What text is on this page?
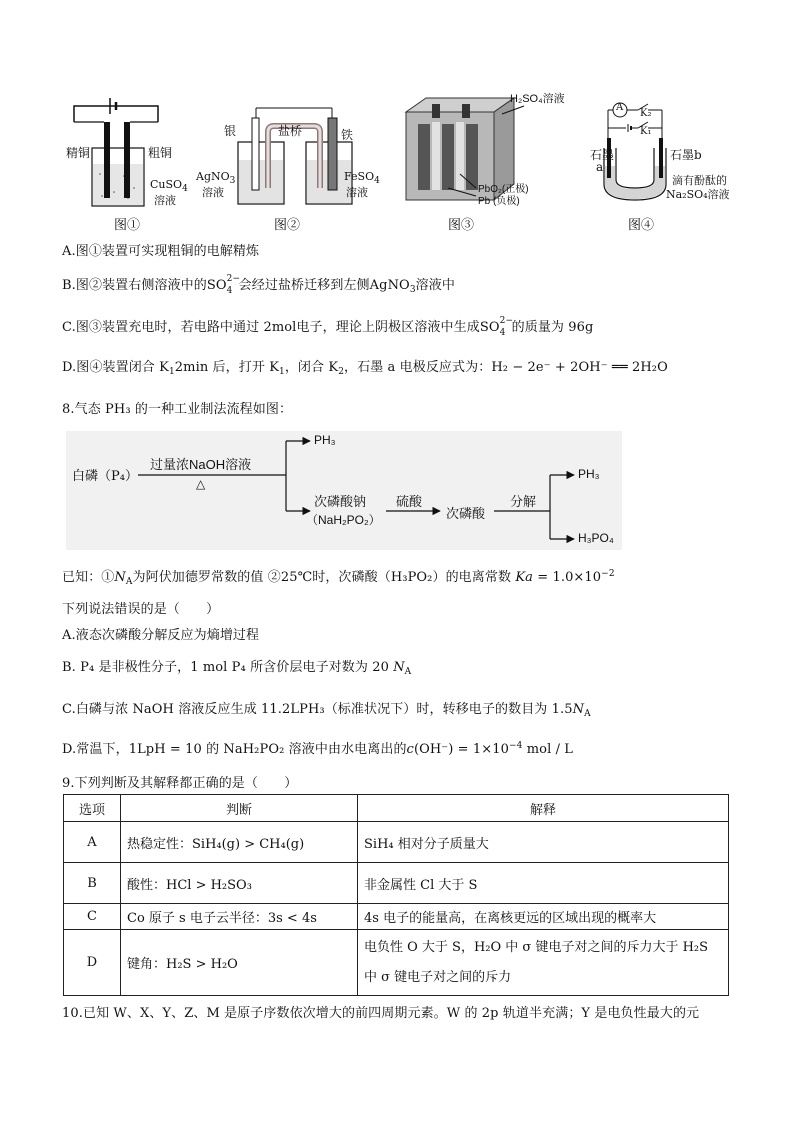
精铜	粗铜
CuSO$_4$
溶液
图①
银	盐桥	铁
AgNO$_3$
溶液
FeSO$_4$
溶液
图②
H₂SO₄溶液
PbO₂(正极)
Pb (负极)
图③
A
K₂
K₁
石墨
a
石墨b
滴有酚酞的
Na₂SO₄溶液
图④
A.图①装置可实现粗铜的电解精炼
B.图②装置右侧溶液中的SO 2−
4 会经过盐桥迁移到左侧AgNO$_3$溶液中
C.图③装置充电时，若电路中通过 2mol电子，理论上阴极区溶液中生成SO 2−
4 的质量为 96g
D.图④装置闭合 $K_12\min$ 后，打开 $K_1$，闭合 $K_2$，石墨 a 电极反应式为：H₂ − 2e⁻ + 2OH⁻ ══ 2H₂O
8.气态 PH₃ 的一种工业制法流程如图：
白磷（P₄）
过量浓NaOH溶液
△
PH₃
次磷酸钠
（NaH₂PO₂）
硫酸
次磷酸
分解
PH₃
H₃PO₄
已知：$①N_A$为阿伏加德罗常数的值 ②25℃时，次磷酸（H₃PO₂）的电离常数 $Ka = 1.0\times 10^{-2}$
下列说法错误的是（　　）
A.液态次磷酸分解反应为熵增过程
B. P₄ 是非极性分子，1 mol P₄ 所含价层电子对数为 20 $N_A$
C.白磷与浓 NaOH 溶液反应生成 11.2LPH₃（标准状况下）时，转移电子的数目为 $1.5N_A$
D.常温下，1LpH = 10 的 NaH₂PO₂ 溶液中由水电离出的$c(OH^-) = 1\times 10^{-4}$ mol / L
9.下列判断及其解释都正确的是（　　）
选项	判断	解释
A	热稳定性：SiH₄(g) > CH₄(g)	SiH₄ 相对分子质量大
B	酸性：HCl > H₂SO₃	非金属性 Cl 大于 S
C	Co 原子 s 电子云半径：3s < 4s	4s 电子的能量高，在离核更远的区域出现的概率大
D	键角：H₂S > H₂O	电负性 O 大于 S，H₂O 中 σ 键电子对之间的斥力大于 H₂S
中 σ 键电子对之间的斥力
10.已知 W、X、Y、Z、M 是原子序数依次增大的前四周期元素。W 的 2p 轨道半充满；Y 是电负性最大的元
